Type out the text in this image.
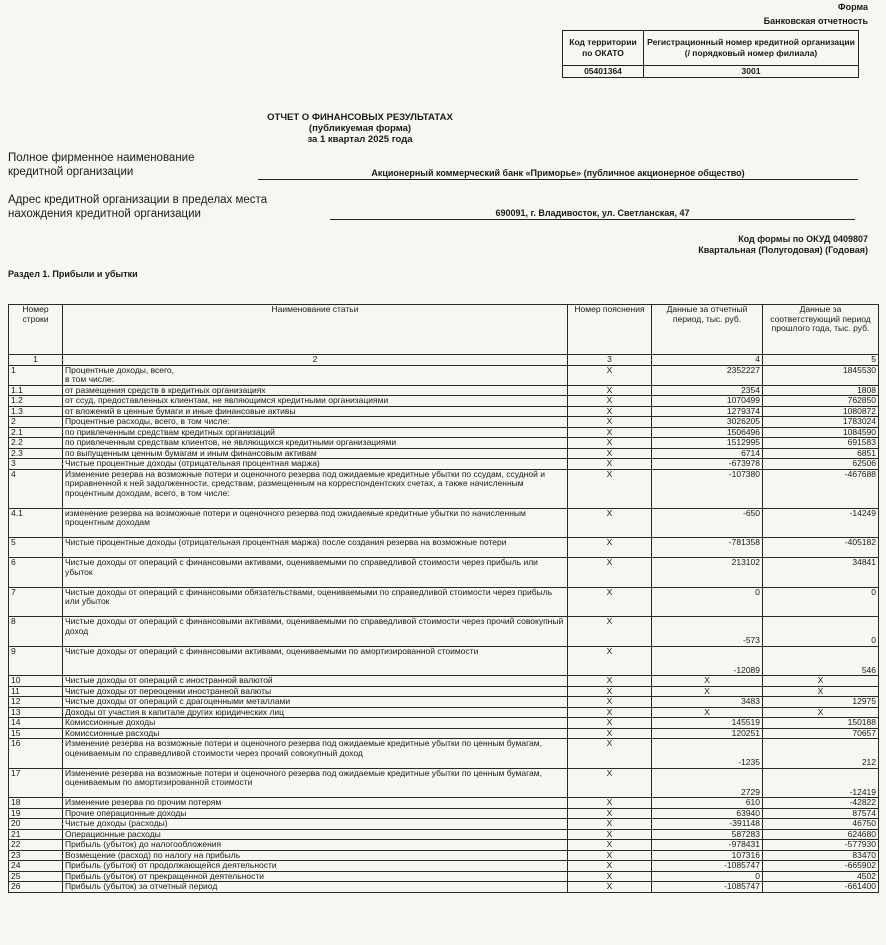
Форма
Банковская отчетность
Код территории по ОКАТО	Регистрационный номер кредитной организации (/ порядковый номер филиала)
05401364	3001
ОТЧЕТ О ФИНАНСОВЫХ РЕЗУЛЬТАТАХ
(публикуемая форма)
за 1 квартал 2025 года
Полное фирменное наименование
кредитной организации	Акционерный коммерческий банк «Приморье» (публичное акционерное общество)
Адрес кредитной организации в пределах места
нахождения кредитной организации	690091, г. Владивосток, ул. Светланская, 47
Код формы по ОКУД 0409807
Квартальная (Полугодовая) (Годовая)
Раздел 1. Прибыли и убытки
Номер строки	Наименование статьи	Номер пояснения	Данные за отчетный период, тыс. руб.	Данные за соответствующий период прошлого года, тыс. руб.
1	2	3	4	5
1	Процентные доходы, всего,
в том числе:	X	2352227	1845530
1.1	от размещения средств в кредитных организациях	X	2354	1808
1.2	от ссуд, предоставленных клиентам, не являющимся кредитными организациями	X	1070499	762850
1.3	от вложений в ценные бумаги и иные финансовые активы	X	1279374	1080872
2	Процентные расходы, всего, в том числе:	X	3026205	1783024
2.1	по привлеченным средствам кредитных организаций	X	1506496	1084590
2.2	по привлеченным средствам клиентов, не являющихся кредитными организациями	X	1512995	691583
2.3	по выпущенным ценным бумагам и иным финансовым активам	X	6714	6851
3	Чистые процентные доходы (отрицательная процентная маржа)	X	-673978	62506
4	Изменение резерва на возможные потери и оценочного резерва под ожидаемые кредитные убытки по ссудам, ссудной и приравненной к ней задолженности, средствам, размещенным на корреспондентских счетах, а также начисленным процентным доходам, всего, в том числе:	X	-107380	-467688
4.1	изменение резерва на возможные потери и оценочного резерва под ожидаемые кредитные убытки по начисленным процентным доходам	X	-650	-14249
5	Чистые процентные доходы (отрицательная процентная маржа) после создания резерва на возможные потери	X	-781358	-405182
6	Чистые доходы от операций с финансовыми активами, оцениваемыми по справедливой стоимости через прибыль или убыток	X	213102	34841
7	Чистые доходы от операций с финансовыми обязательствами, оцениваемыми по справедливой стоимости через прибыль или убыток	X	0	0
8	Чистые доходы от операций с финансовыми активами, оцениваемыми по справедливой стоимости через прочий совокупный доход	X	-573	0
9	Чистые доходы от операций с финансовыми активами, оцениваемыми по амортизированной стоимости	X	-12089	546
10	Чистые доходы от операций с иностранной валютой	X	X	X
11	Чистые доходы от переоценки иностранной валюты	X	X	X
12	Чистые доходы от операций с драгоценными металлами	X	3483	12975
13	Доходы от участия в капитале других юридических лиц	X	X	X
14	Комиссионные доходы	X	145519	150188
15	Комиссионные расходы	X	120251	70657
16	Изменение резерва на возможные потери и оценочного резерва под ожидаемые кредитные убытки по ценным бумагам, оцениваемым по справедливой стоимости через прочий совокупный доход	X	-1235	212
17	Изменение резерва на возможные потери и оценочного резерва под ожидаемые кредитные убытки по ценным бумагам, оцениваемым по амортизированной стоимости	X	2729	-12419
18	Изменение резерва по прочим потерям	X	610	-42822
19	Прочие операционные доходы	X	63940	87574
20	Чистые доходы (расходы)	X	-391148	46750
21	Операционные расходы	X	587283	624680
22	Прибыль (убыток) до налогообложения	X	-978431	-577930
23	Возмещение (расход) по налогу на прибыль	X	107316	83470
24	Прибыль (убыток) от продолжающейся деятельности	X	-1085747	-665902
25	Прибыль (убыток) от прекращенной деятельности	X	0	4502
26	Прибыль (убыток) за отчетный период	X	-1085747	-661400
